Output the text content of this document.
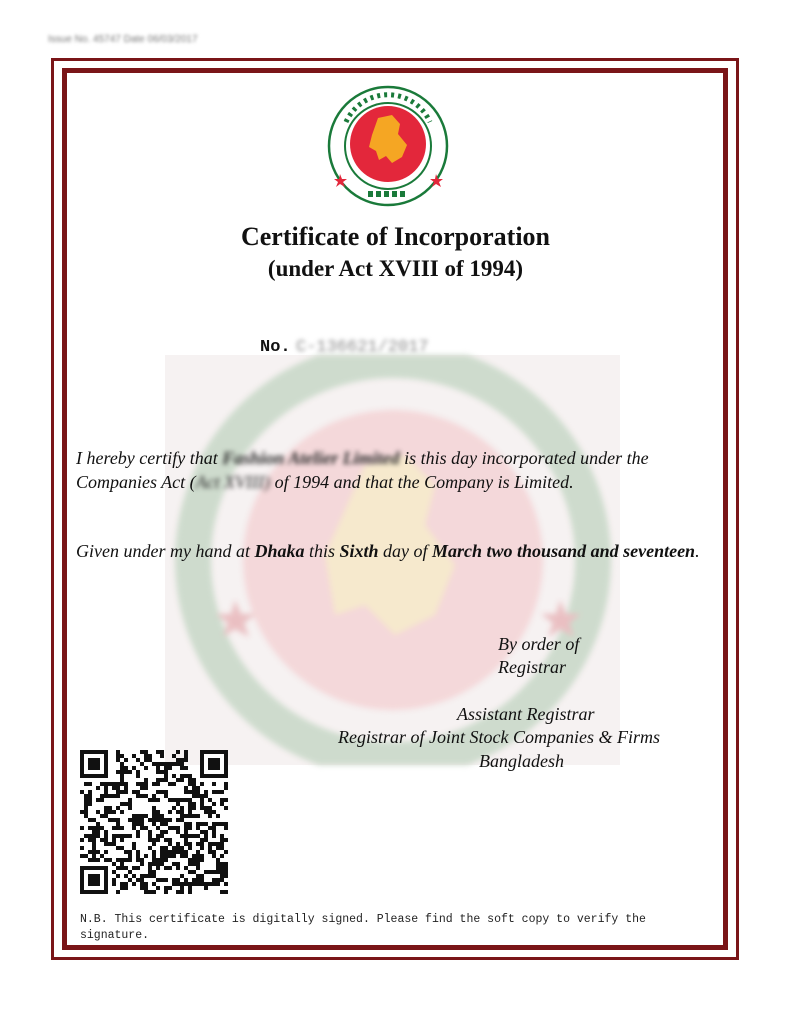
Issue No. 45747 Date 06/03/2017
Certificate of Incorporation
(under Act XVIII of 1994)
No. C-136621/2017
I hereby certify that Fashion Atelier Limited is this day incorporated under the Companies Act (Act XVIII) of 1994 and that the Company is Limited.
Given under my hand at Dhaka this Sixth day of March two thousand and seventeen.
By order of
Registrar
Assistant Registrar
Registrar of Joint Stock Companies & Firms
Bangladesh
N.B. This certificate is digitally signed. Please find the soft copy to verify the signature.
